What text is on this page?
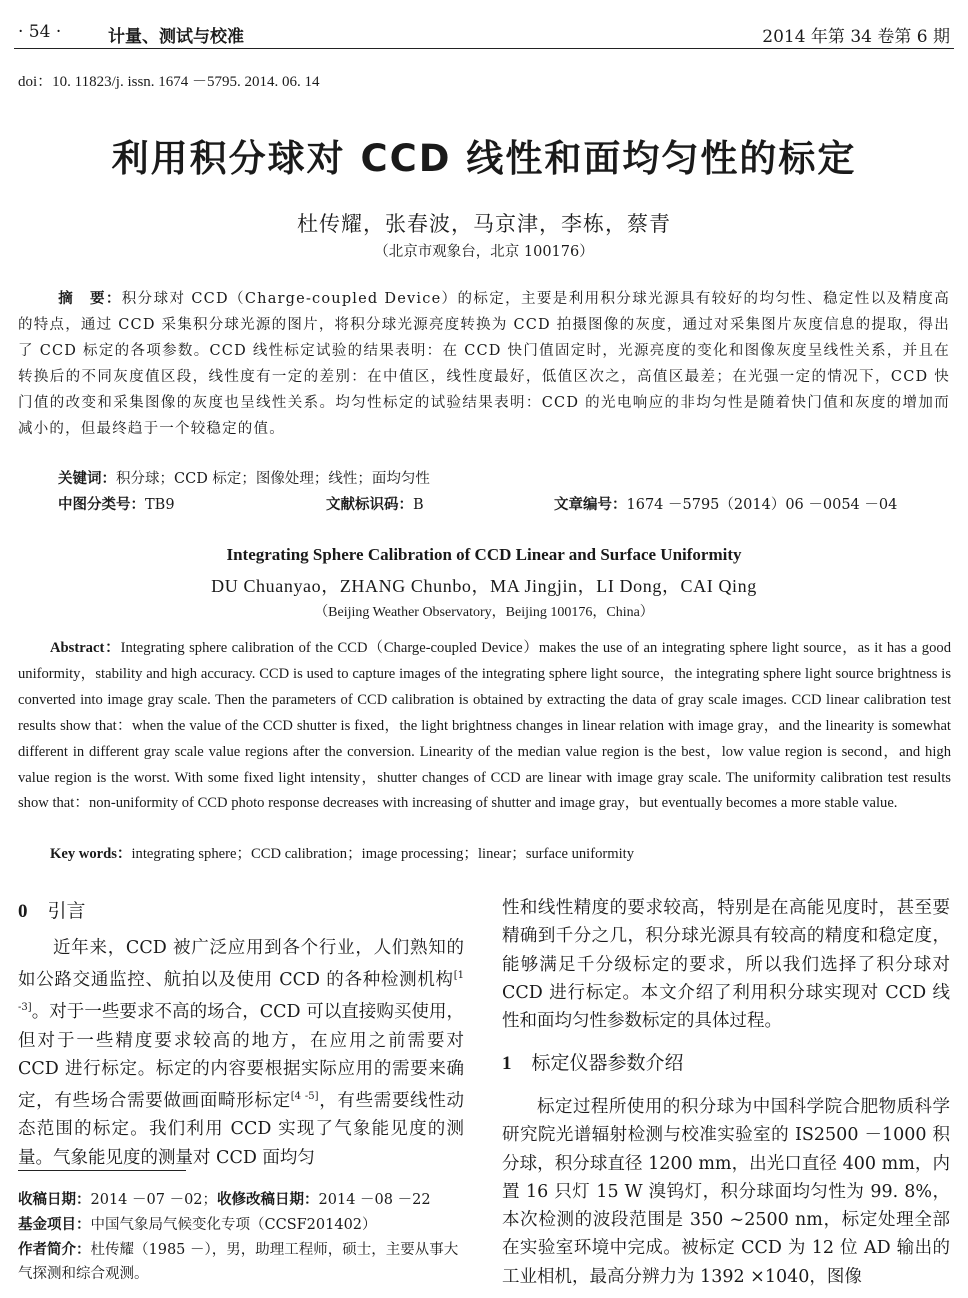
· 54 ·	计量、测试与校准	2014 年第 34 卷第 6 期
doi：10. 11823/j. issn. 1674 －5795. 2014. 06. 14
利用积分球对 CCD 线性和面均匀性的标定
杜传耀，张春波，马京津，李栋，蔡青
（北京市观象台，北京 100176）
摘　要：积分球对 CCD（Charge-coupled Device）的标定，主要是利用积分球光源具有较好的均匀性、稳定性以及精度高的特点，通过 CCD 采集积分球光源的图片，将积分球光源亮度转换为 CCD 拍摄图像的灰度，通过对采集图片灰度信息的提取，得出了 CCD 标定的各项参数。CCD 线性标定试验的结果表明：在 CCD 快门值固定时，光源亮度的变化和图像灰度呈线性关系，并且在转换后的不同灰度值区段，线性度有一定的差别：在中值区，线性度最好，低值区次之，高值区最差；在光强一定的情况下，CCD 快门值的改变和采集图像的灰度也呈线性关系。均匀性标定的试验结果表明：CCD 的光电响应的非均匀性是随着快门值和灰度的增加而减小的，但最终趋于一个较稳定的值。
关键词：积分球；CCD 标定；图像处理；线性；面均匀性
中图分类号：TB9	文献标识码：B	文章编号：1674 －5795（2014）06 －0054 －04
Integrating Sphere Calibration of CCD Linear and Surface Uniformity
DU Chuanyao，ZHANG Chunbo，MA Jingjin，LI Dong，CAI Qing
（Beijing Weather Observatory，Beijing 100176，China）
Abstract：Integrating sphere calibration of the CCD（Charge-coupled Device）makes the use of an integrating sphere light source，as it has a good uniformity，stability and high accuracy. CCD is used to capture images of the integrating sphere light source，the integrating sphere light source brightness is converted into image gray scale. Then the parameters of CCD calibration is obtained by extracting the data of gray scale images. CCD linear calibration test results show that：when the value of the CCD shutter is fixed，the light brightness changes in linear relation with image gray，and the linearity is somewhat different in different gray scale value regions after the conversion. Linearity of the median value region is the best，low value region is second，and high value region is the worst. With some fixed light intensity，shutter changes of CCD are linear with image gray scale. The uniformity calibration test results show that：non-uniformity of CCD photo response decreases with increasing of shutter and image gray，but eventually becomes a more stable value.
Key words：integrating sphere；CCD calibration；image processing；linear；surface uniformity
0 引言
近年来，CCD 被广泛应用到各个行业，人们熟知的如公路交通监控、航拍以及使用 CCD 的各种检测机构[1 -3]。对于一些要求不高的场合，CCD 可以直接购买使用，但对于一些精度要求较高的地方，在应用之前需要对 CCD 进行标定。标定的内容要根据实际应用的需要来确定，有些场合需要做画面畸形标定[4 -5]，有些需要线性动态范围的标定。我们利用 CCD 实现了气象能见度的测量。气象能见度的测量对 CCD 面均匀
收稿日期：2014 －07 －02；收修改稿日期：2014 －08 －22
基金项目：中国气象局气候变化专项（CCSF201402）
作者简介：杜传耀（1985 －），男，助理工程师，硕士，主要从事大气探测和综合观测。
性和线性精度的要求较高，特别是在高能见度时，甚至要精确到千分之几，积分球光源具有较高的精度和稳定度，能够满足千分级标定的要求，所以我们选择了积分球对 CCD 进行标定。本文介绍了利用积分球实现对 CCD 线性和面均匀性参数标定的具体过程。
1 标定仪器参数介绍
标定过程所使用的积分球为中国科学院合肥物质科学研究院光谱辐射检测与校准实验室的 IS2500 －1000 积分球，积分球直径 1200 mm，出光口直径 400 mm，内置 16 只灯 15 W 溴钨灯，积分球面均匀性为 99. 8%，本次检测的波段范围是 350 ~2500 nm，标定处理全部在实验室环境中完成。被标定 CCD 为 12 位 AD 输出的工业相机，最高分辨力为 1392 ×1040，图像
